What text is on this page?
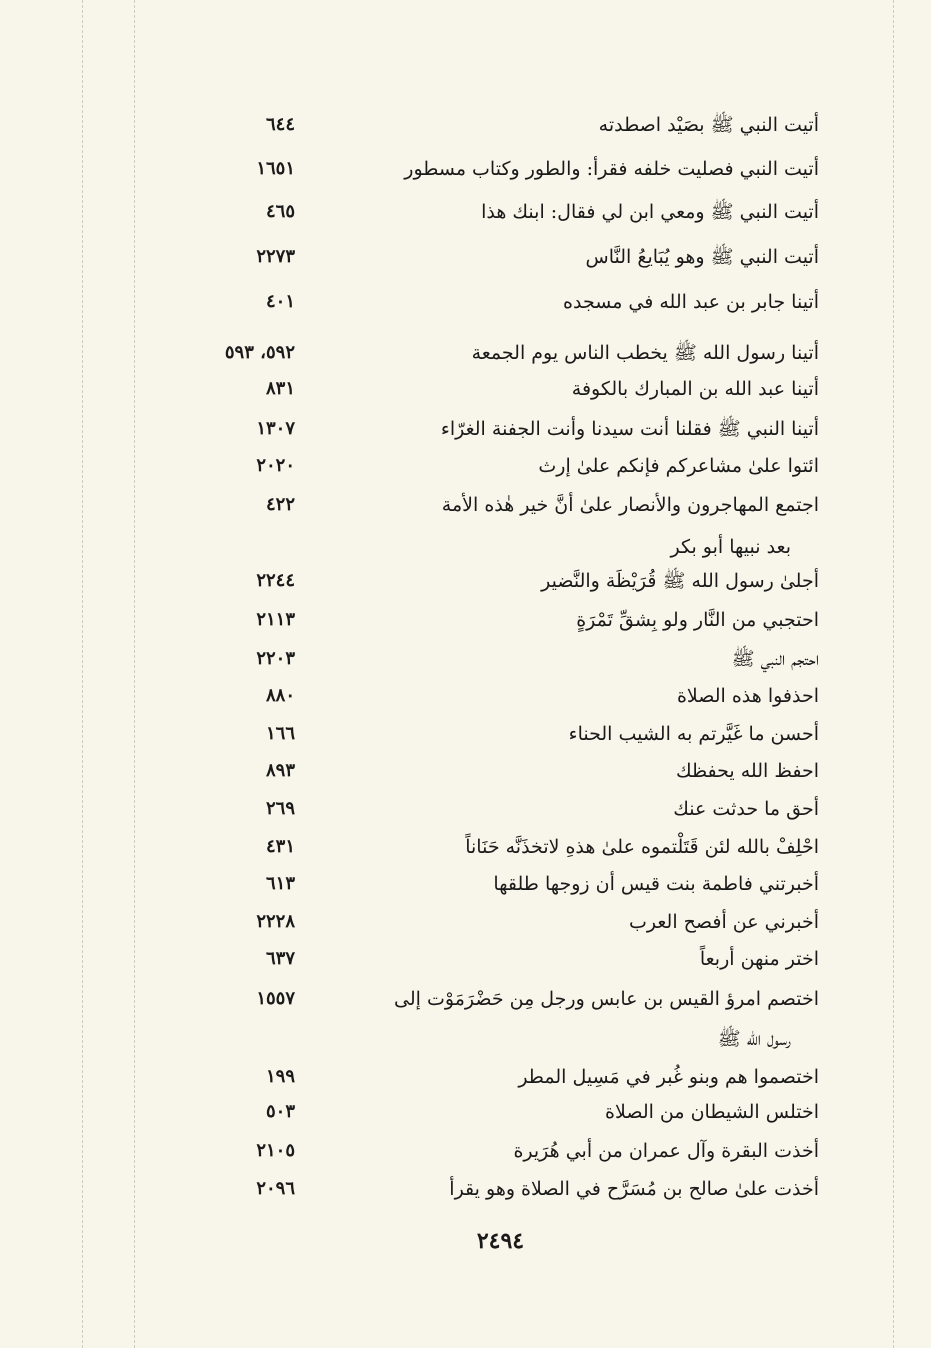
أتيت النبي ﷺ بصَيْد اصطدته
٦٤٤
أتيت النبي فصليت خلفه فقرأ: والطور وكتاب مسطور
١٦٥١
أتيت النبي ﷺ ومعي ابن لي فقال: ابنك هذا
٤٦٥
أتيت النبي ﷺ وهو يُبَايعُ النَّاس
٢٢٧٣
أتينا جابر بن عبد الله في مسجده
٤٠١
أتينا رسول الله ﷺ يخطب الناس يوم الجمعة
٥٩٢، ٥٩٣
أتينا عبد الله بن المبارك بالكوفة
٨٣١
أتينا النبي ﷺ فقلنا أنت سيدنا وأنت الجفنة الغرّاء
١٣٠٧
ائتوا علىٰ مشاعركم فإنكم علىٰ إرث
٢٠٢٠
اجتمع المهاجرون والأنصار علىٰ أنَّ خير هٰذه الأمة
٤٢٢
بعد نبيها أبو بكر
أجلىٰ رسول الله ﷺ قُرَيْظَة والنَّضير
٢٢٤٤
احتجبي من النَّار ولو بِشقِّ تَمْرَةٍ
٢١١٣
احتجم النبي ﷺ
٢٢٠٣
احذفوا هذه الصلاة
٨٨٠
أحسن ما غَيَّرتم به الشيب الحناء
١٦٦
احفظ الله يحفظك
٨٩٣
أحق ما حدثت عنك
٢٦٩
احْلِفْ بالله لئن قَتَلْتموه علىٰ هذهِ لاتخذَنَّه حَنَاناً
٤٣١
أخبرتني فاطمة بنت قيس أن زوجها طلقها
٦١٣
أخبرني عن أفصح العرب
٢٢٢٨
اختر منهن أربعاً
٦٣٧
اختصم امرؤ القيس بن عابس ورجل مِن حَضْرَمَوْت إلى
١٥٥٧
رسول الله ﷺ
اختصموا هم وبنو غُبر في مَسِيل المطر
١٩٩
اختلس الشيطان من الصلاة
٥٠٣
أخذت البقرة وآل عمران من أبي هُرَيرة
٢١٠٥
أخذت علىٰ صالح بن مُسَرَّح في الصلاة وهو يقرأ
٢٠٩٦
٢٤٩٤
